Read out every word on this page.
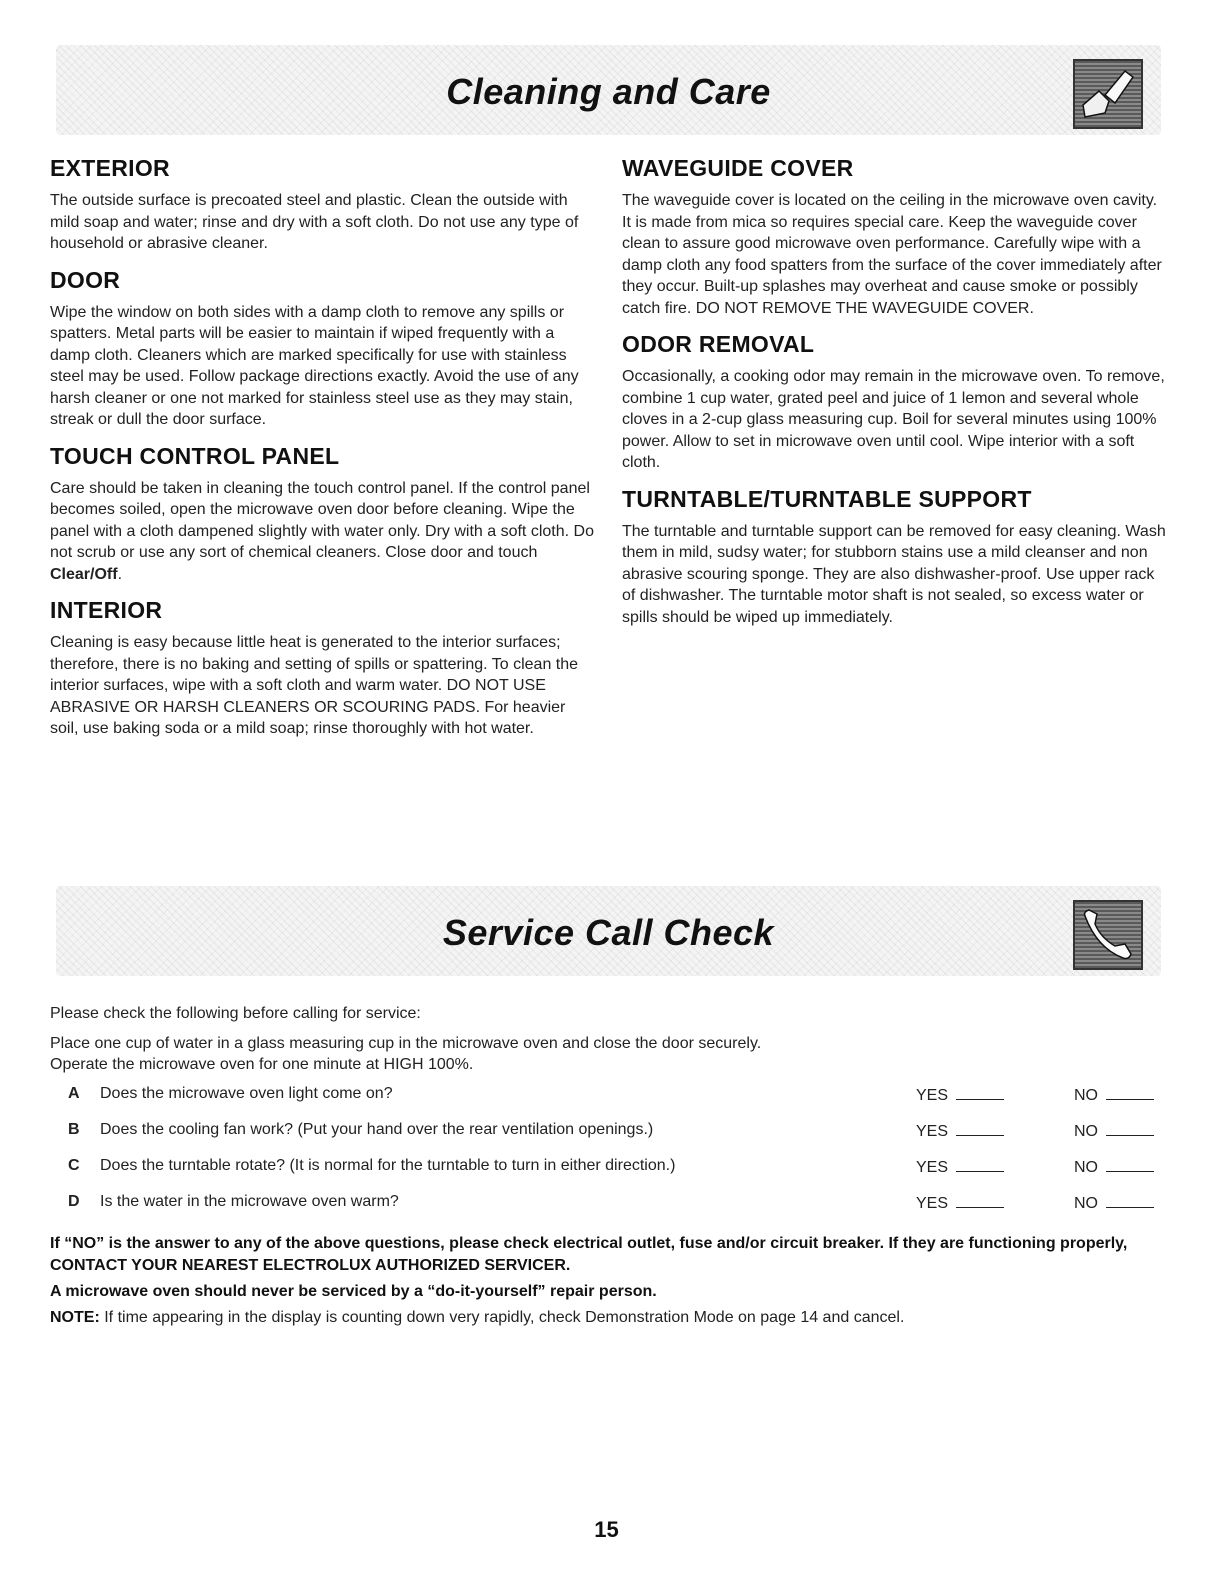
Cleaning and Care
EXTERIOR

The outside surface is precoated steel and plastic. Clean the outside with mild soap and water; rinse and dry with a soft cloth. Do not use any type of household or abrasive cleaner.

DOOR

Wipe the window on both sides with a damp cloth to remove any spills or spatters. Metal parts will be easier to maintain if wiped frequently with a damp cloth. Cleaners which are marked specifically for use with stainless steel may be used. Follow package directions exactly. Avoid the use of any harsh cleaner or one not marked for stainless steel use as they may stain, streak or dull the door surface.

TOUCH CONTROL PANEL

Care should be taken in cleaning the touch control panel. If the control panel becomes soiled, open the microwave oven door before cleaning. Wipe the panel with a cloth dampened slightly with water only. Dry with a soft cloth. Do not scrub or use any sort of chemical cleaners. Close door and touch Clear/Off.

INTERIOR

Cleaning is easy because little heat is generated to the interior surfaces; therefore, there is no baking and setting of spills or spattering. To clean the interior surfaces, wipe with a soft cloth and warm water. DO NOT USE ABRASIVE OR HARSH CLEANERS OR SCOURING PADS. For heavier soil, use baking soda or a mild soap; rinse thoroughly with hot water.

WAVEGUIDE COVER

The waveguide cover is located on the ceiling in the microwave oven cavity. It is made from mica so requires special care. Keep the waveguide cover clean to assure good microwave oven performance. Carefully wipe with a damp cloth any food spatters from the surface of the cover immediately after they occur. Built-up splashes may overheat and cause smoke or possibly catch fire. DO NOT REMOVE THE WAVEGUIDE COVER.

ODOR REMOVAL

Occasionally, a cooking odor may remain in the microwave oven. To remove, combine 1 cup water, grated peel and juice of 1 lemon and several whole cloves in a 2-cup glass measuring cup. Boil for several minutes using 100% power. Allow to set in microwave oven until cool. Wipe interior with a soft cloth.

TURNTABLE/TURNTABLE SUPPORT

The turntable and turntable support can be removed for easy cleaning. Wash them in mild, sudsy water; for stubborn stains use a mild cleanser and non abrasive scouring sponge. They are also dishwasher-proof. Use upper rack of dishwasher. The turntable motor shaft is not sealed, so excess water or spills should be wiped up immediately.

Service Call Check
Please check the following before calling for service:
Place one cup of water in a glass measuring cup in the microwave oven and close the door securely.
Operate the microwave oven for one minute at HIGH 100%.
A Does the microwave oven light come on?	YES	NO
B Does the cooling fan work? (Put your hand over the rear ventilation openings.)	YES	NO
C Does the turntable rotate? (It is normal for the turntable to turn in either direction.)	YES	NO
D Is the water in the microwave oven warm?	YES	NO
If “NO” is the answer to any of the above questions, please check electrical outlet, fuse and/or circuit breaker. If they are functioning properly, CONTACT YOUR NEAREST ELECTROLUX AUTHORIZED SERVICER.
A microwave oven should never be serviced by a “do-it-yourself” repair person.
NOTE: If time appearing in the display is counting down very rapidly, check Demonstration Mode on page 14 and cancel.
15
